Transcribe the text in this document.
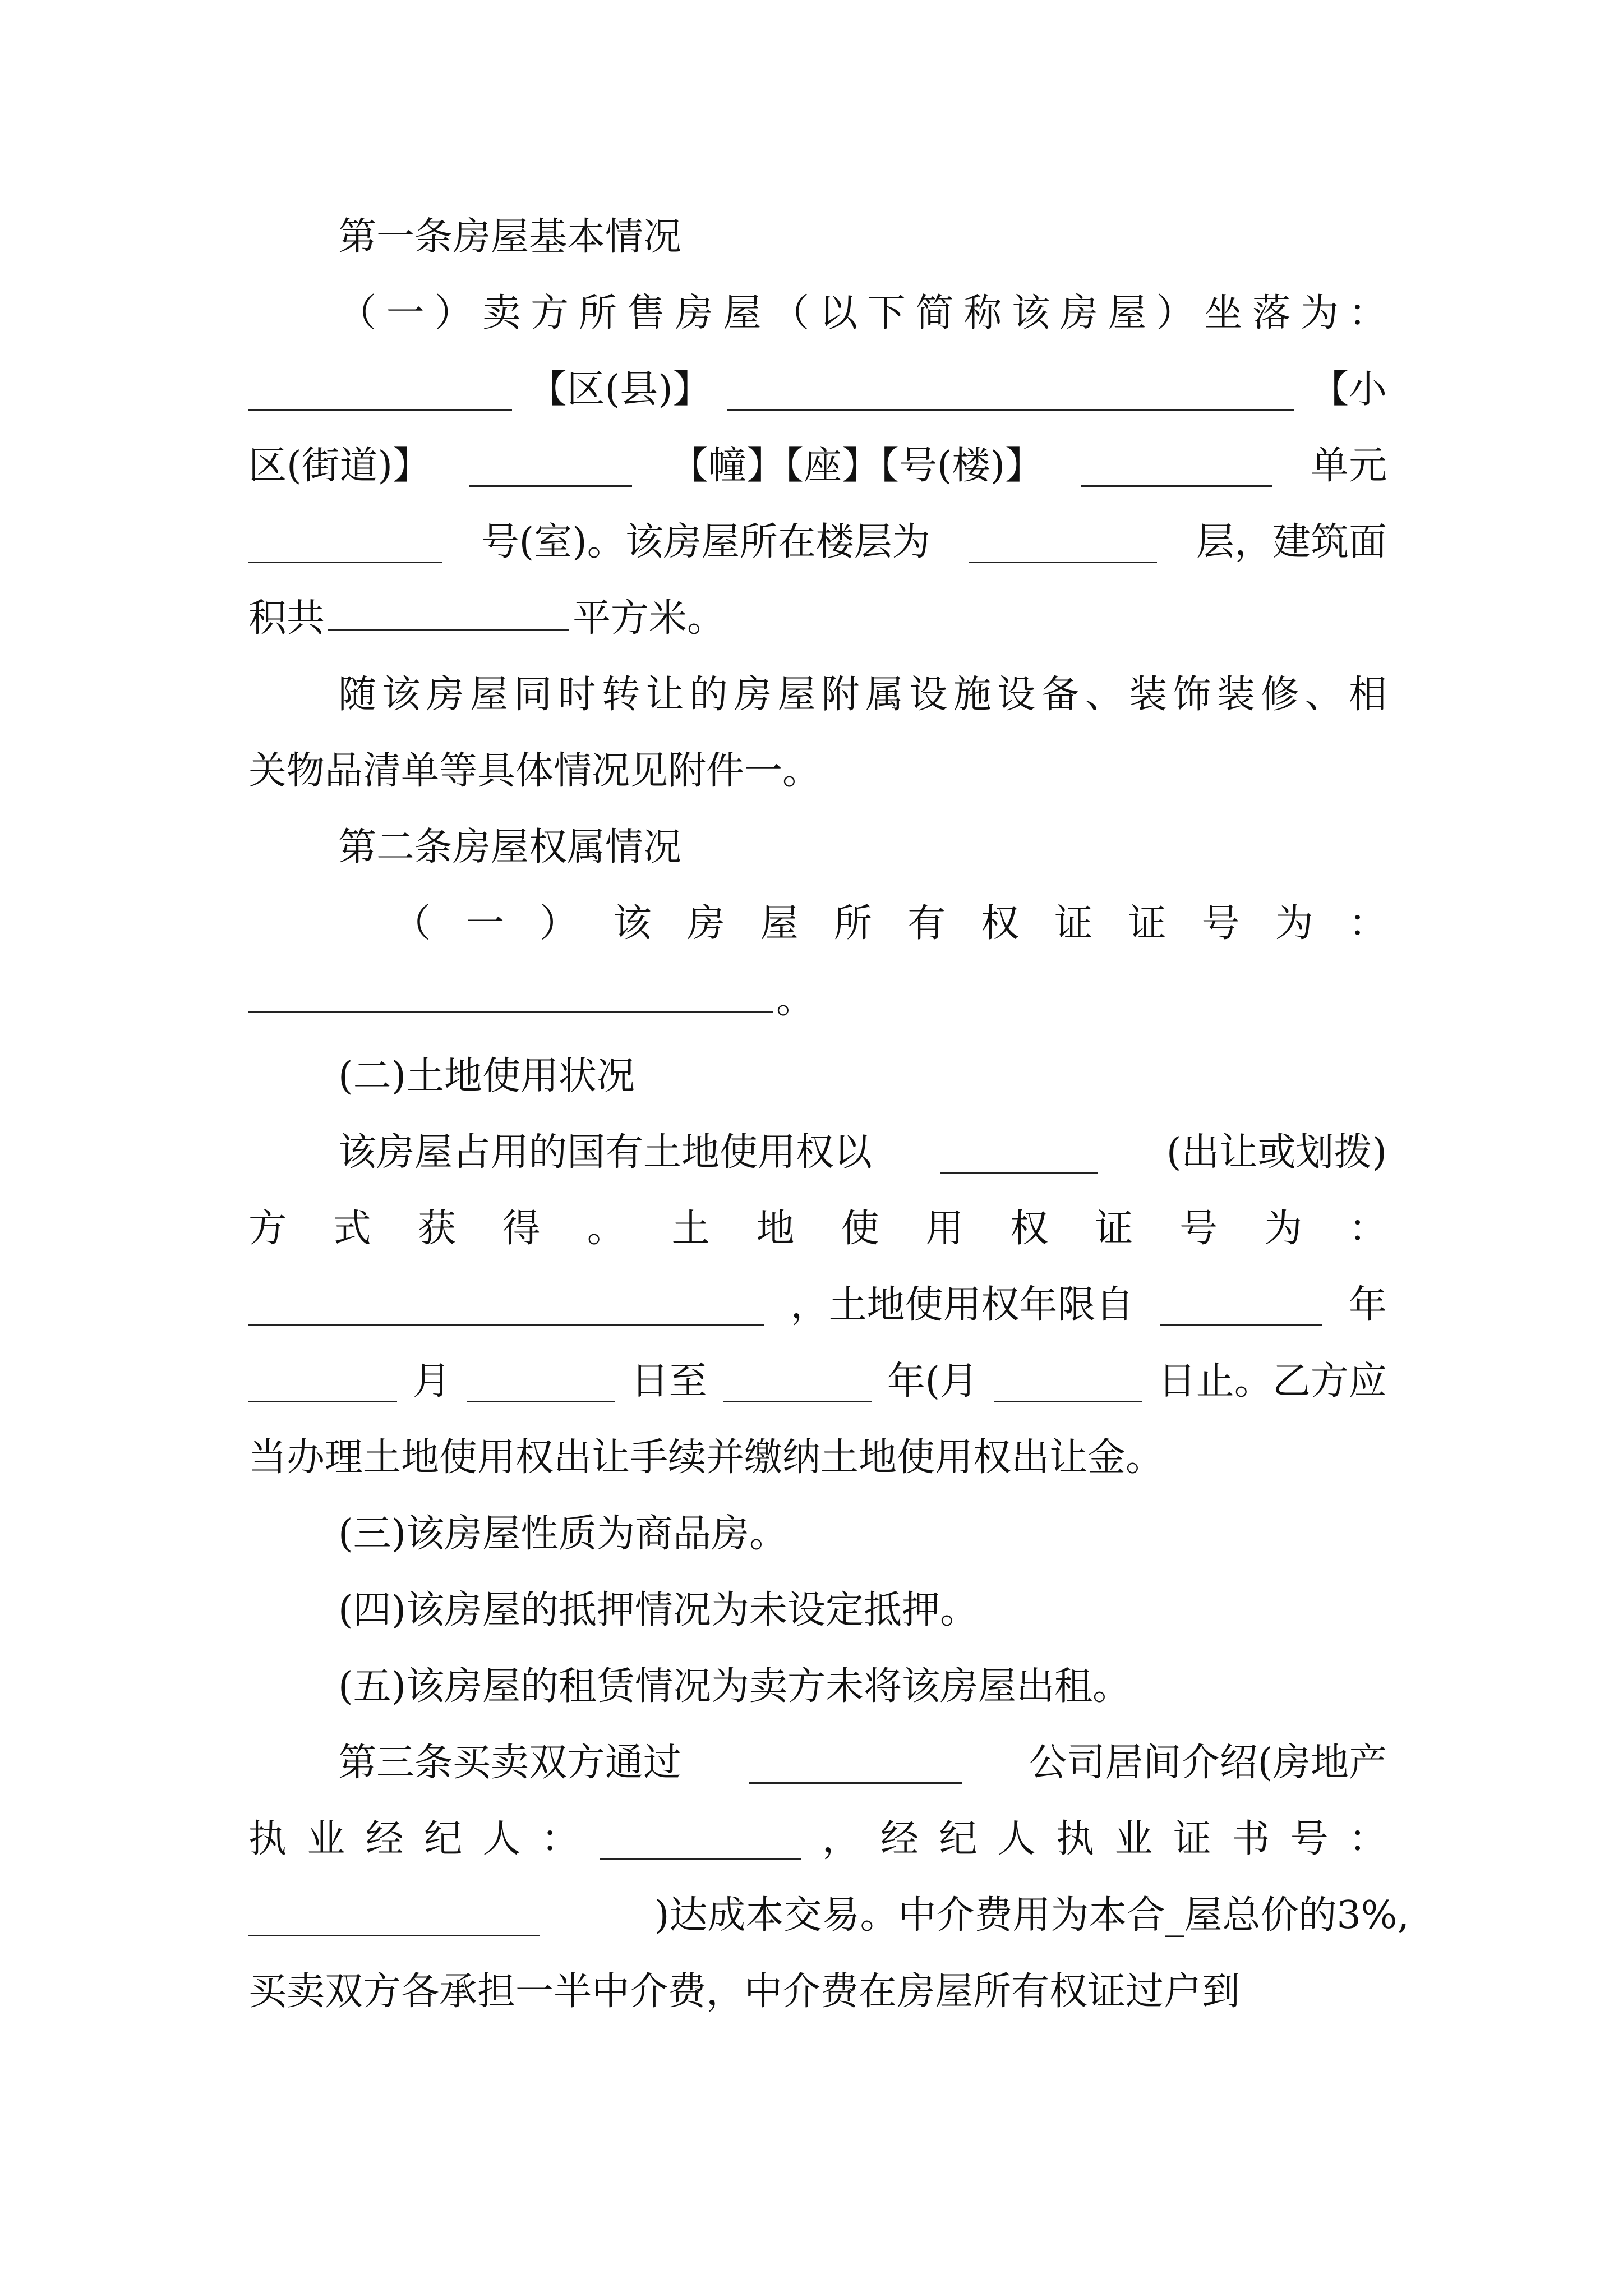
第一条房屋基本情况
（ 一 ） 卖 方 所 售 房 屋 （ 以 下 简 称 该 房 屋 ） 坐 落 为 ：
【区(县)】	【小
区(街道)】	【幢】【座】【号(楼)】	单元
号(室)。该房屋所在楼层为	层，建筑面
积共	平方米。
随 该 房 屋 同 时 转 让 的 房 屋 附 属 设 施 设 备 、 装 饰 装 修 、 相
关物品清单等具体情况见附件一。
第二条房屋权属情况
（ 一 ） 该 房 屋 所 有 权 证 证 号 为 ：
。
(二)土地使用状况
该房屋占用的国有土地使用权以	(出让或划拨)
方 式 获 得 。 土 地 使 用 权 证 号 为 ：
，土地使用权年限自	年
月	日至	年(月	日止。乙方应
当办理土地使用权出让手续并缴纳土地使用权出让金。
(三)该房屋性质为商品房。
(四)该房屋的抵押情况为未设定抵押。
(五)该房屋的租赁情况为卖方未将该房屋出租。
第三条买卖双方通过	公司居间介绍(房地产
执 业 经 纪 人 ：	， 经 纪 人 执 业 证 书 号 ：
)达成本交易。中介费用为本合_屋总价的3%,
买卖双方各承担一半中介费，中介费在房屋所有权证过户到
